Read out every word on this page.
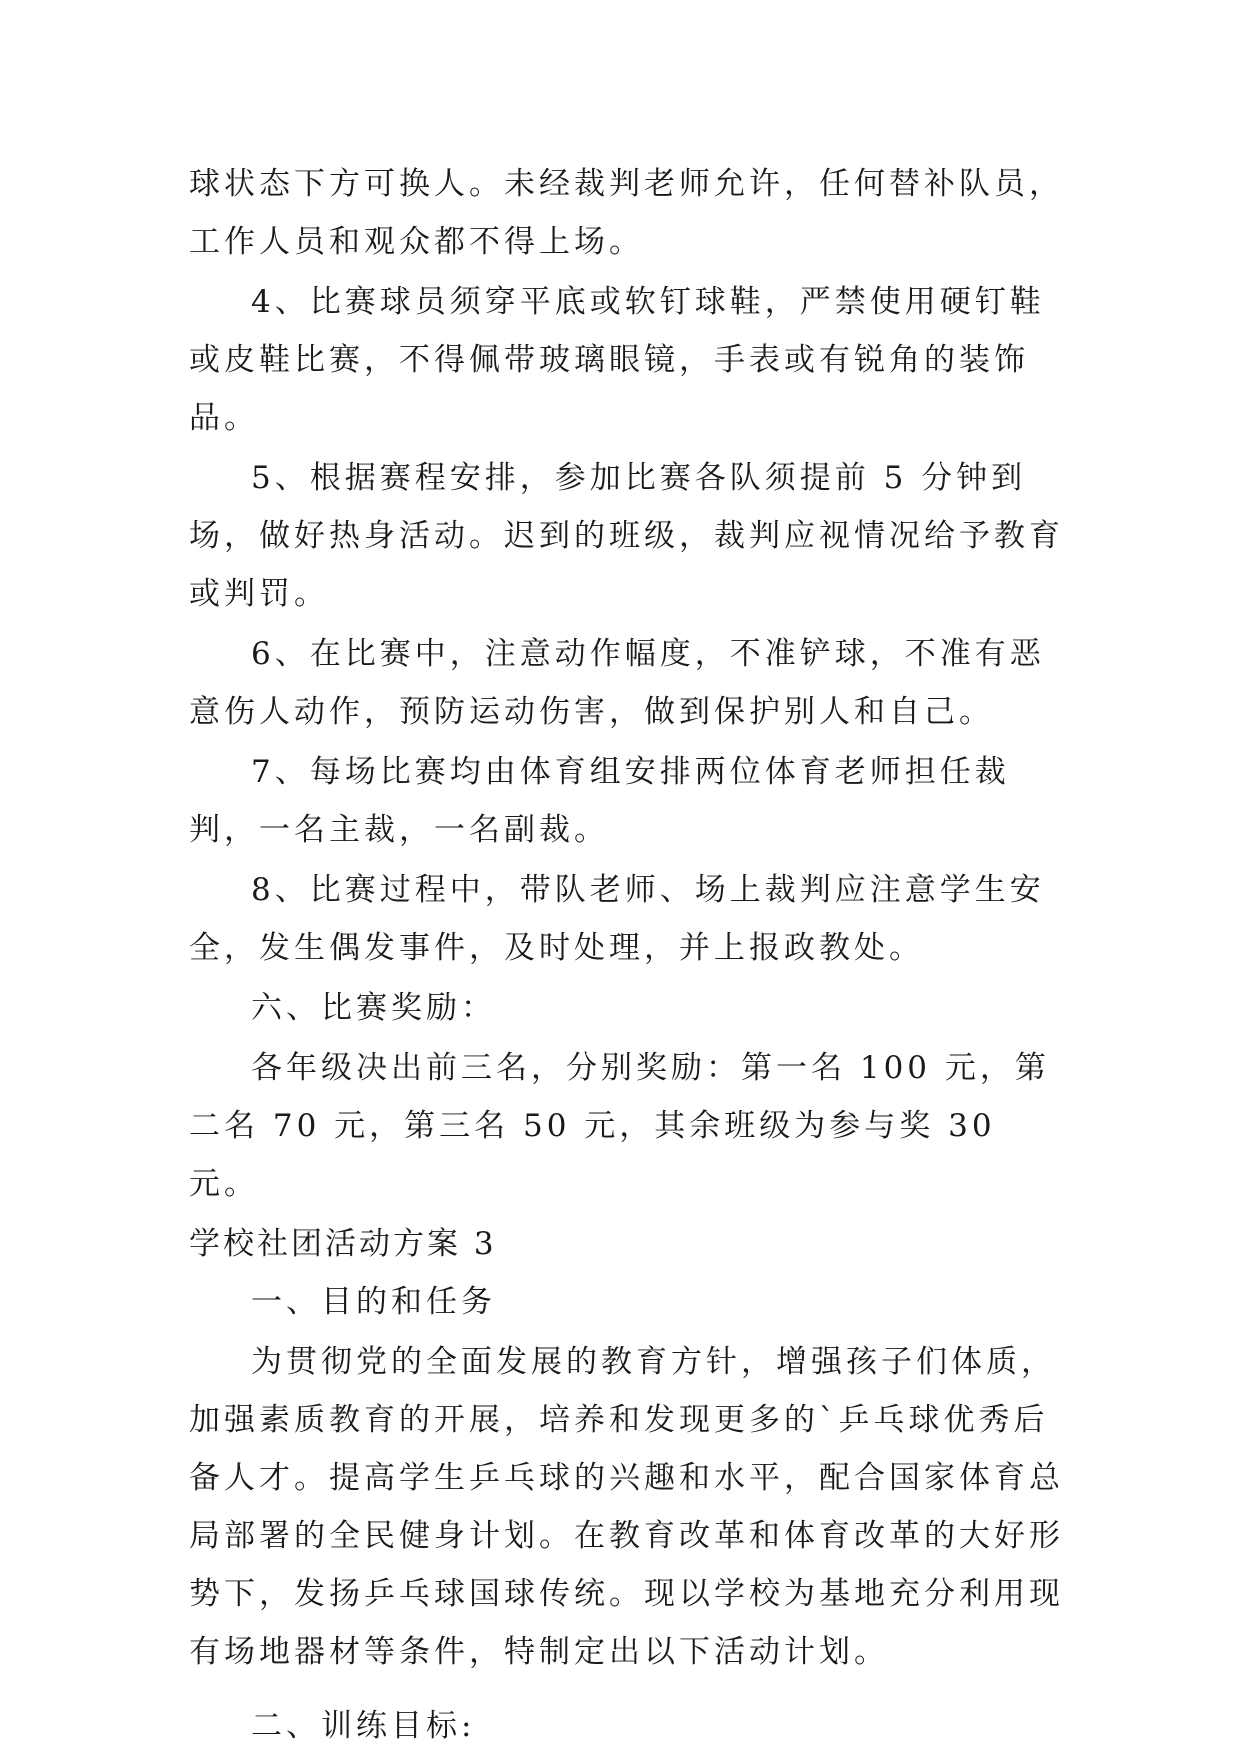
球状态下方可换人。未经裁判老师允许，任何替补队员，工作人员和观众都不得上场。

4、比赛球员须穿平底或软钉球鞋，严禁使用硬钉鞋或皮鞋比赛，不得佩带玻璃眼镜，手表或有锐角的装饰品。

5、根据赛程安排，参加比赛各队须提前 5 分钟到场，做好热身活动。迟到的班级，裁判应视情况给予教育或判罚。

6、在比赛中，注意动作幅度，不准铲球，不准有恶意伤人动作，预防运动伤害，做到保护别人和自己。

7、每场比赛均由体育组安排两位体育老师担任裁判，一名主裁，一名副裁。

8、比赛过程中，带队老师、场上裁判应注意学生安全，发生偶发事件，及时处理，并上报政教处。

六、比赛奖励：

各年级决出前三名，分别奖励：第一名 100 元，第二名 70 元，第三名 50 元，其余班级为参与奖 30 元。

学校社团活动方案 3

一、目的和任务

为贯彻党的全面发展的教育方针，增强孩子们体质，加强素质教育的开展，培养和发现更多的`乒乓球优秀后备人才。提高学生乒乓球的兴趣和水平，配合国家体育总局部署的全民健身计划。在教育改革和体育改革的大好形势下，发扬乒乓球国球传统。现以学校为基地充分利用现有场地器材等条件，特制定出以下活动计划。

二、训练目标:
